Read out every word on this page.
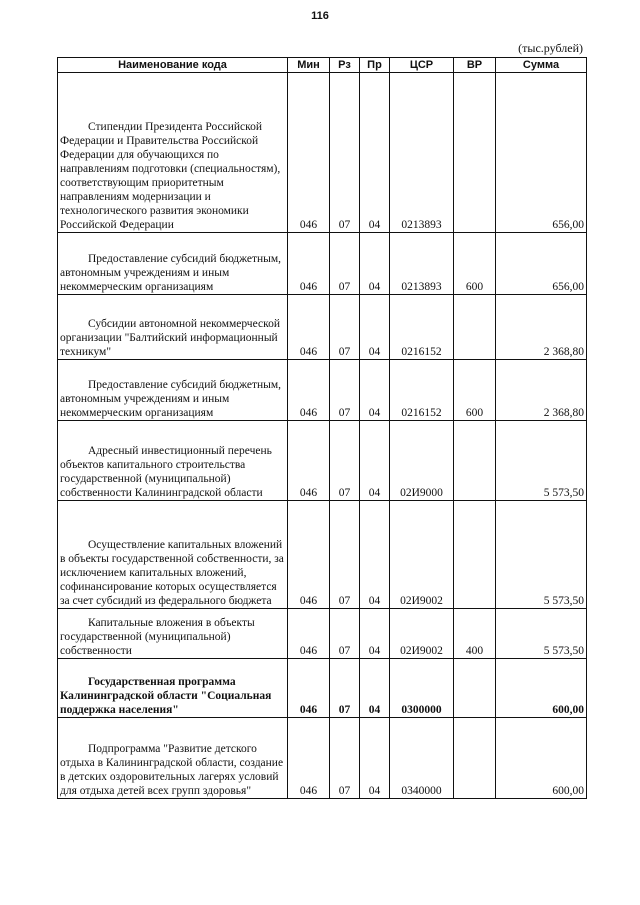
116
(тыс.рублей)
Наименование кода	Мин	Рз	Пр	ЦСР	ВР	Сумма

Стипендии Президента Российской Федерации и Правительства Российской Федерации для обучающихся по направлениям подготовки (специальностям), соответствующим приоритетным направлениям модернизации и технологического развития экономики Российской Федерации	046	07	04	0213893		656,00

Предоставление субсидий бюджетным, автономным учреждениям и иным некоммерческим организациям	046	07	04	0213893	600	656,00

Субсидии автономной некоммерческой организации "Балтийский информационный техникум"	046	07	04	0216152		2 368,80

Предоставление субсидий бюджетным, автономным учреждениям и иным некоммерческим организациям	046	07	04	0216152	600	2 368,80

Адресный инвестиционный перечень объектов капитального строительства государственной (муниципальной) собственности Калининградской области	046	07	04	02И9000		5 573,50

Осуществление капитальных вложений в объекты государственной собственности, за исключением капитальных вложений, софинансирование которых осуществляется за счет субсидий из федерального бюджета	046	07	04	02И9002		5 573,50

Капитальные вложения в объекты государственной (муниципальной) собственности	046	07	04	02И9002	400	5 573,50

Государственная программа Калининградской области "Социальная поддержка населения"	046	07	04	0300000		600,00

Подпрограмма "Развитие детского отдыха в Калининградской области, создание в детских оздоровительных лагерях условий для отдыха детей всех групп здоровья"	046	07	04	0340000		600,00
